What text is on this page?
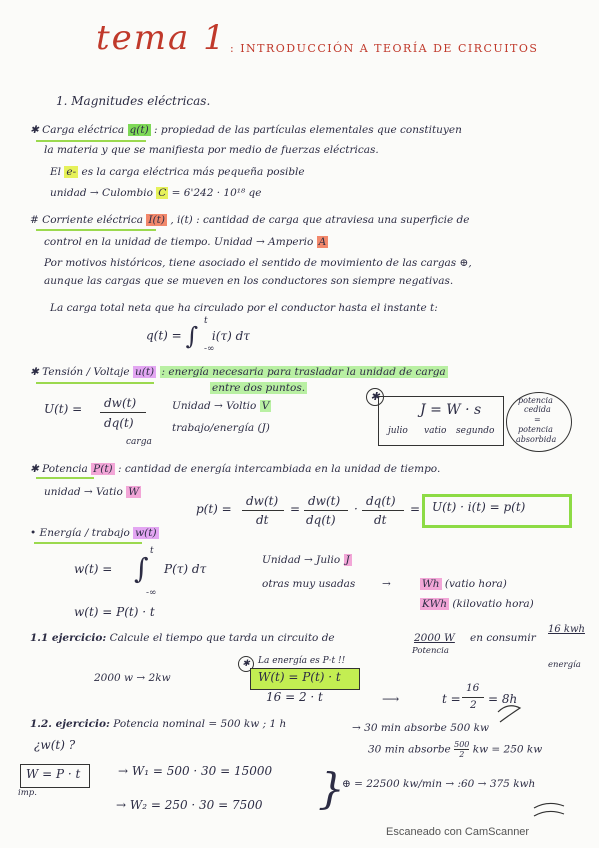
tema 1 : INTRODUCCIÓN A TEORÍA DE CIRCUITOS
1. Magnitudes eléctricas.
✱ Carga eléctrica q(t) : propiedad de las partículas elementales que constituyen
la materia y que se manifiesta por medio de fuerzas eléctricas.
El e- es la carga eléctrica más pequeña posible
unidad → Culombio C = 6'242 · 10¹⁸ qe
# Corriente eléctrica I(t) , i(t) : cantidad de carga que atraviesa una superficie de
control en la unidad de tiempo. Unidad → Amperio A
Por motivos históricos, tiene asociado el sentido de movimiento de las cargas ⊕,
aunque las cargas que se mueven en los conductores son siempre negativas.
La carga total neta que ha circulado por el conductor hasta el instante t:
q(t) = ∫
t
-∞
i(τ) dτ
✱ Tensión / Voltaje u(t) : energía necesaria para trasladar la unidad de carga
entre dos puntos.
U(t) = dw(t)
dq(t)
carga
Unidad → Voltio V
trabajo/energía (J)
J = W · s
julio vatio segundo
✱	potencia
cedida
=
potencia
absorbida
✱ Potencia P(t) : cantidad de energía intercambiada en la unidad de tiempo.
unidad → Vatio W
p(t) =
dw(t)
dt
=
dw(t)
dq(t)
·
dq(t)
dt
= U(t) · i(t) = p(t)
• Energía / trabajo w(t)
w(t) = ∫
t
-∞
P(τ) dτ
Unidad → Julio J
otras muy usadas	→	Wh (vatio hora)
KWh (kilovatio hora)
w(t) = P(t) · t
1.1 ejercicio: Calcule el tiempo que tarda un circuito de	2000 W
Potencia
en consumir
16 kwh
energía
2000 w → 2kw
✱ La energía es P·t !!
W(t) = P(t) · t
16 = 2 · t	⟶	t =
16
2 = 8h
1.2. ejercicio: Potencia nominal = 500 kw ; 1 h	→ 30 min absorbe 500 kw
30 min absorbe $\frac{500}{2}$ kw = 250 kw
¿w(t) ?
W = P · t
imp.
→ W₁ = 500 · 30 = 15000
→ W₂ = 250 · 30 = 7500 }
⊕ = 22500 kw/min → :60 → 375 kwh
Escaneado con CamScanner
